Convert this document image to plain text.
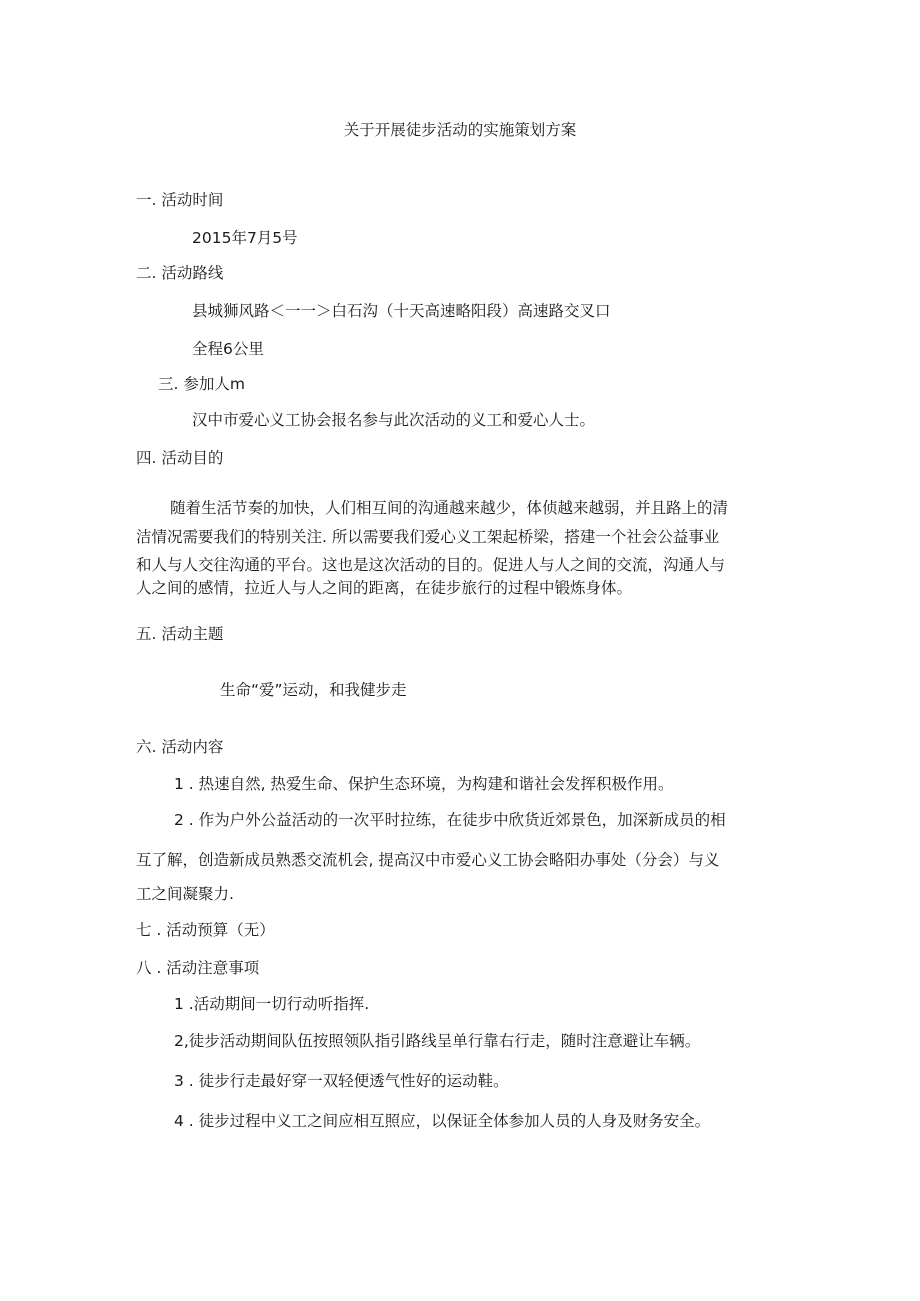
关于开展徒步活动的实施策划方案
一. 活动时间
2015年7月5号
二. 活动路线
县城狮风路＜一一＞白石沟（十天高速略阳段）高速路交叉口
全程6公里
三. 参加人m
汉中市爱心义工协会报名参与此次活动的义工和爱心人士。
四. 活动目的
随着生活节奏的加快，人们相互间的沟通越来越少，体侦越来越弱，并且路上的清
洁情况需要我们的特别关注. 所以需要我们爱心义工架起桥梁，搭建一个社会公益事业
和人与人交往沟通的平台。这也是这次活动的目的。促进人与人之间的交流，沟通人与
人之间的感情，拉近人与人之间的距离，在徒步旅行的过程中锻炼身体。
五. 活动主题
生命“爱”运动，和我健步走
六. 活动内容
1 . 热速自然, 热爱生命、保护生态环境，为构建和谐社会发挥积极作用。
2 . 作为户外公益活动的一次平时拉练，在徒步中欣货近郊景色，加深新成员的相
互了解，创造新成员熟悉交流机会, 提高汉中市爱心义工协会略阳办事处（分会）与义
工之间凝聚力.
七 . 活动预算（无）
八 . 活动注意事项
1 .活动期间一切行动听指挥.
2,徒步活动期间队伍按照领队指引路线呈单行靠右行走，随时注意避让车辆。
3 . 徒步行走最好穿一双轻便透气性好的运动鞋。
4 . 徒步过程中义工之间应相互照应，以保证全体参加人员的人身及财务安全。
